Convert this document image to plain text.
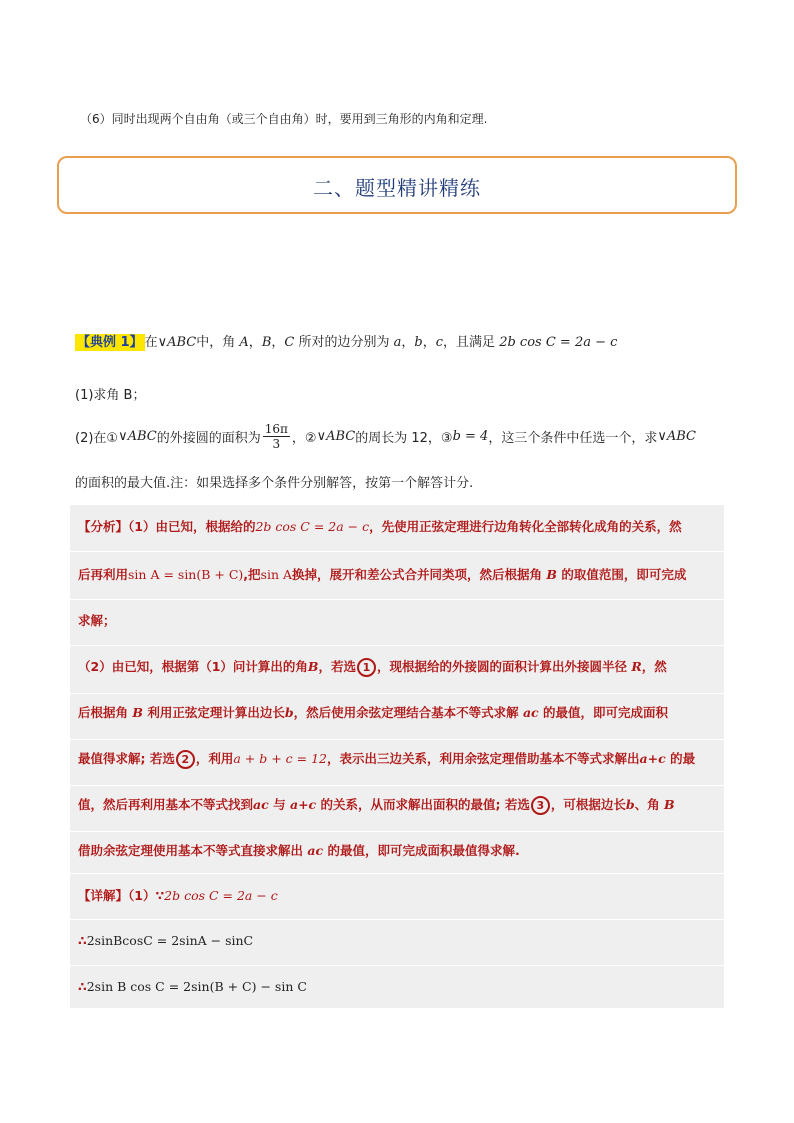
（6）同时出现两个自由角（或三个自由角）时，要用到三角形的内角和定理.
二、题型精讲精练
【典例 1】 在∨ABC中，角 A，B，C 所对的边分别为 a，b，c，且满足 2b cos C = 2a − c
(1)求角 B；
(2)在① ∨ABC 的外接圆的面积为 $\frac{16\pi}{3}$ ，② ∨ABC 的周长为 12，③ b = 4 ，这三个条件中任选一个，求 ∨ABC
的面积的最大值.注：如果选择多个条件分别解答，按第一个解答计分.
【分析】（1）由已知，根据给的2b cos C = 2a − c，先使用正弦定理进行边角转化全部转化成角的关系，然
后再利用sin A = sin(B + C),把sin A换掉，展开和差公式合并同类项，然后根据角 B 的取值范围，即可完成
求解；
（2）由已知，根据第（1）问计算出的角B，若选 1 ，现根据给的外接圆的面积计算出外接圆半径 R，然
后根据角 B 利用正弦定理计算出边长b，然后使用余弦定理结合基本不等式求解 ac 的最值，即可完成面积
最值得求解; 若选 2 ，利用a + b + c = 12，表示出三边关系，利用余弦定理借助基本不等式求解出a+c 的最
值，然后再利用基本不等式找到ac 与 a+c 的关系，从而求解出面积的最值; 若选 3 ，可根据边长b、角 B
借助余弦定理使用基本不等式直接求解出 ac 的最值，即可完成面积最值得求解.
【详解】（1）∵2b cos C = 2a − c
∴2sinBcosC = 2sinA − sinC
∴2sin B cos C = 2sin(B + C) − sin C
